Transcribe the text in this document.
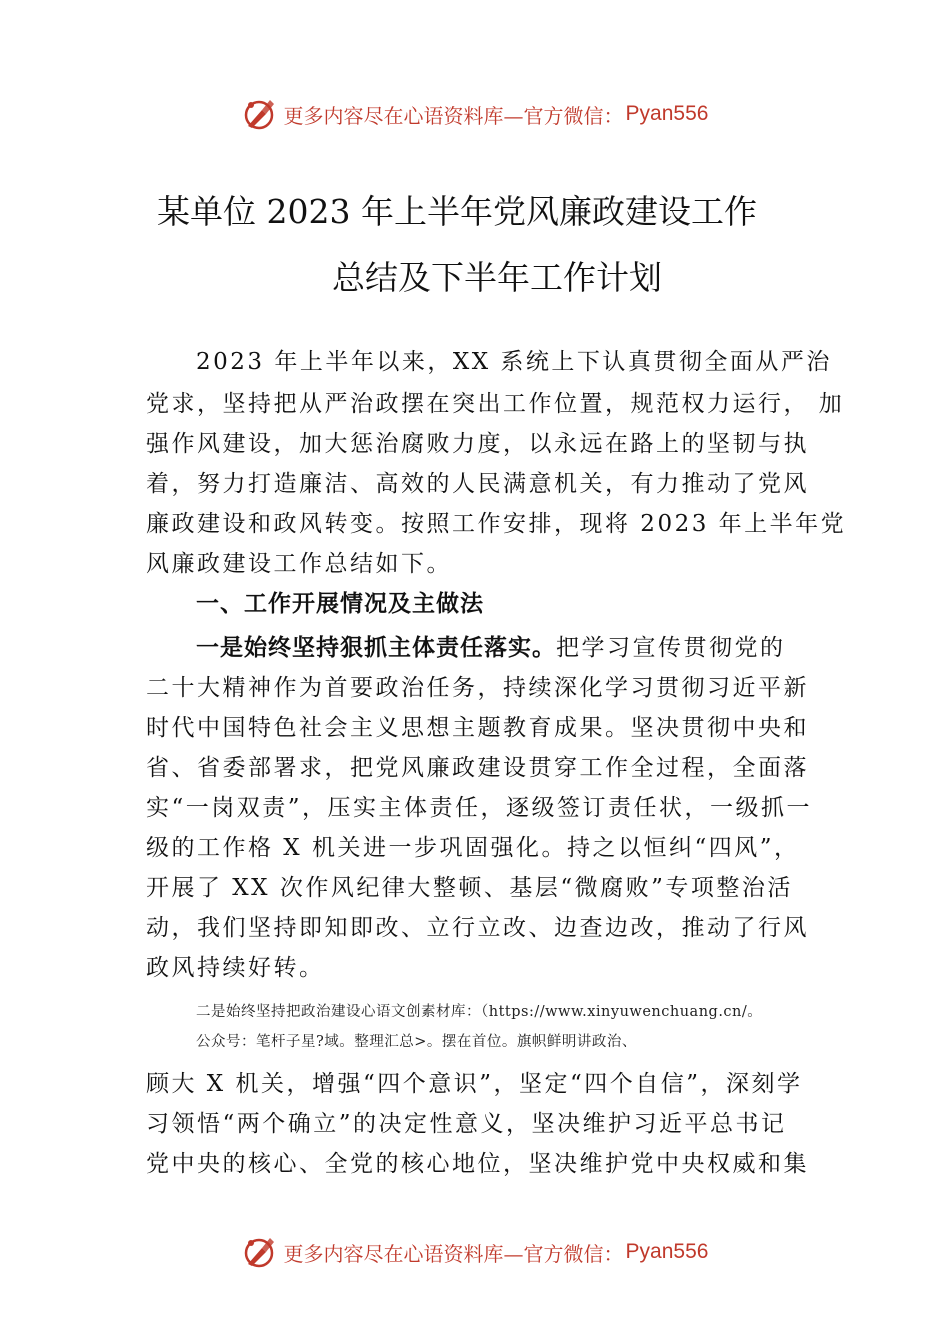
更多内容尽在心语资料库— 官方微信： Pyan556
某单位 2023 年上半年党风廉政建设工作
总结及下半年工作计划
2023 年上半年以来，XX 系统上下认真贯彻全面从严治
党求，坚持把从严治政摆在突出工作位置，规范权力运行， 加
强作风建设，加大惩治腐败力度，以永远在路上的坚韧与执
着，努力打造廉洁、高效的人民满意机关，有力推动了党风
廉政建设和政风转变。按照工作安排，现将 2023 年上半年党
风廉政建设工作总结如下。
一、工作开展情况及主做法
一是始终坚持狠抓主体责任落实。把学习宣传贯彻党的
二十大精神作为首要政治任务，持续深化学习贯彻习近平新
时代中国特色社会主义思想主题教育成果。坚决贯彻中央和
省、省委部署求，把党风廉政建设贯穿工作全过程，全面落
实“一岗双责”，压实主体责任，逐级签订责任状，一级抓一
级的工作格 X 机关进一步巩固强化。持之以恒纠“四风”，
开展了 XX 次作风纪律大整顿、基层“微腐败”专项整治活
动，我们坚持即知即改、立行立改、边查边改，推动了行风
政风持续好转。
二是始终坚持把政治建设心语文创素材库：（https://www.xinyuwenchuang.cn/。
公众号：笔杆子星?域。整理汇总>。摆在首位。旗帜鲜明讲政治、
顾大 X 机关，增强“四个意识”，坚定“四个自信”，深刻学
习领悟“两个确立”的决定性意义，坚决维护习近平总书记
党中央的核心、全党的核心地位，坚决维护党中央权威和集
更多内容尽在心语资料库— 官方微信： Pyan556
